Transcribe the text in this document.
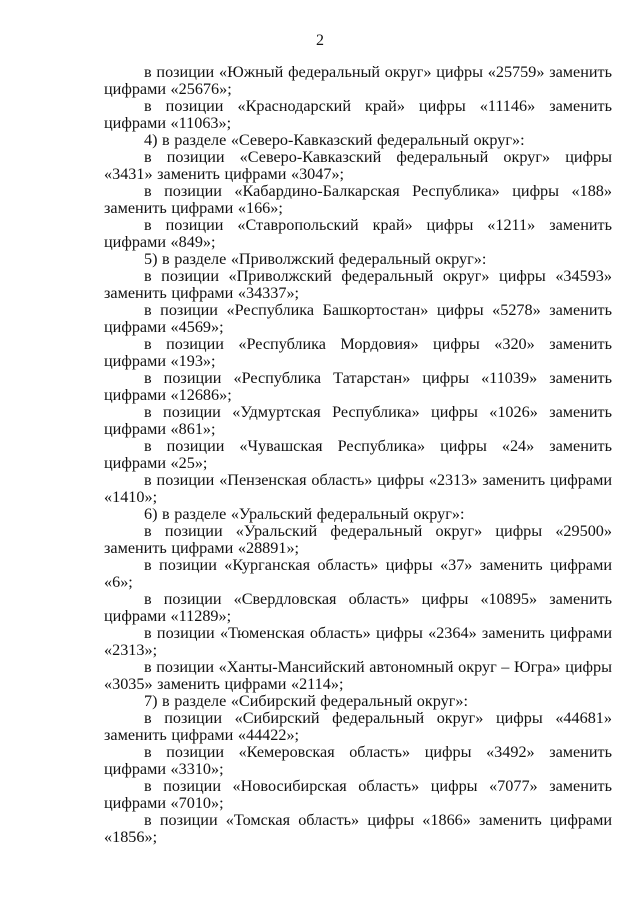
2

в позиции «Южный федеральный округ» цифры «25759» заменить цифрами «25676»;

в позиции «Краснодарский край» цифры «11146» заменить цифрами «11063»;

4) в разделе «Северо-Кавказский федеральный округ»:

в позиции «Северо-Кавказский федеральный округ» цифры «3431» заменить цифрами «3047»;

в позиции «Кабардино-Балкарская Республика» цифры «188» заменить цифрами «166»;

в позиции «Ставропольский край» цифры «1211» заменить цифрами «849»;

5) в разделе «Приволжский федеральный округ»:

в позиции «Приволжский федеральный округ» цифры «34593» заменить цифрами «34337»;

в позиции «Республика Башкортостан» цифры «5278» заменить цифрами «4569»;

в позиции «Республика Мордовия» цифры «320» заменить цифрами «193»;

в позиции «Республика Татарстан» цифры «11039» заменить цифрами «12686»;

в позиции «Удмуртская Республика» цифры «1026» заменить цифрами «861»;

в позиции «Чувашская Республика» цифры «24» заменить цифрами «25»;

в позиции «Пензенская область» цифры «2313» заменить цифрами «1410»;

6) в разделе «Уральский федеральный округ»:

в позиции «Уральский федеральный округ» цифры «29500» заменить цифрами «28891»;

в позиции «Курганская область» цифры «37» заменить цифрами «6»;

в позиции «Свердловская область» цифры «10895» заменить цифрами «11289»;

в позиции «Тюменская область» цифры «2364» заменить цифрами «2313»;

в позиции «Ханты-Мансийский автономный округ – Югра» цифры «3035» заменить цифрами «2114»;

7) в разделе «Сибирский федеральный округ»:

в позиции «Сибирский федеральный округ» цифры «44681» заменить цифрами «44422»;

в позиции «Кемеровская область» цифры «3492» заменить цифрами «3310»;

в позиции «Новосибирская область» цифры «7077» заменить цифрами «7010»;

в позиции «Томская область» цифры «1866» заменить цифрами «1856»;
